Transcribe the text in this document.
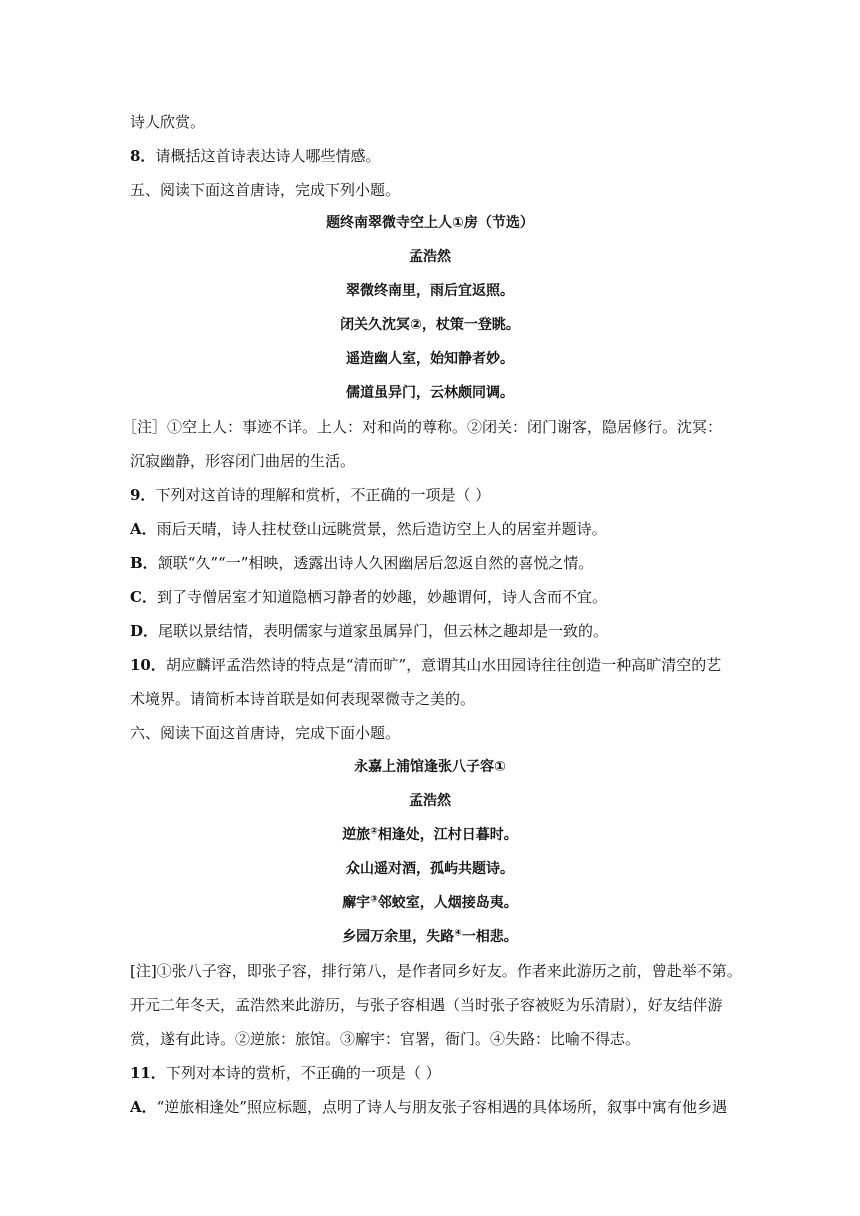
诗人欣赏。
8．请概括这首诗表达诗人哪些情感。
五、阅读下面这首唐诗，完成下列小题。
题终南翠微寺空上人①房（节选）
孟浩然
翠微终南里，雨后宜返照。
闭关久沈冥②，杖策一登眺。
遥造幽人室，始知静者妙。
儒道虽异门，云林颇同调。
［注］①空上人：事迹不详。上人：对和尚的尊称。②闭关：闭门谢客，隐居修行。沈冥：
沉寂幽静，形容闭门曲居的生活。
9．下列对这首诗的理解和赏析，不正确的一项是（ ）
A．雨后天晴，诗人拄杖登山远眺赏景，然后造访空上人的居室并题诗。
B．颔联“久”“一”相映，透露出诗人久困幽居后忽返自然的喜悦之情。
C．到了寺僧居室才知道隐栖习静者的妙趣，妙趣谓何，诗人含而不宜。
D．尾联以景结情，表明儒家与道家虽属异门，但云林之趣却是一致的。
10．胡应麟评孟浩然诗的特点是“清而旷”，意谓其山水田园诗往往创造一种高旷清空的艺
术境界。请简析本诗首联是如何表现翠微寺之美的。
六、阅读下面这首唐诗，完成下面小题。
永嘉上浦馆逢张八子容①
孟浩然
逆旅②相逢处，江村日暮时。
众山遥对酒，孤屿共题诗。
廨宇③邻蛟室，人烟接岛夷。
乡园万余里，失路④一相悲。
[注]①张八子容，即张子容，排行第八，是作者同乡好友。作者来此游历之前，曾赴举不第。
开元二年冬天，孟浩然来此游历，与张子容相遇（当时张子容被贬为乐清尉），好友结伴游
赏，遂有此诗。②逆旅：旅馆。③廨宇：官署，衙门。④失路：比喻不得志。
11．下列对本诗的赏析，不正确的一项是（ ）
A．“逆旅相逢处”照应标题，点明了诗人与朋友张子容相遇的具体场所，叙事中寓有他乡遇
